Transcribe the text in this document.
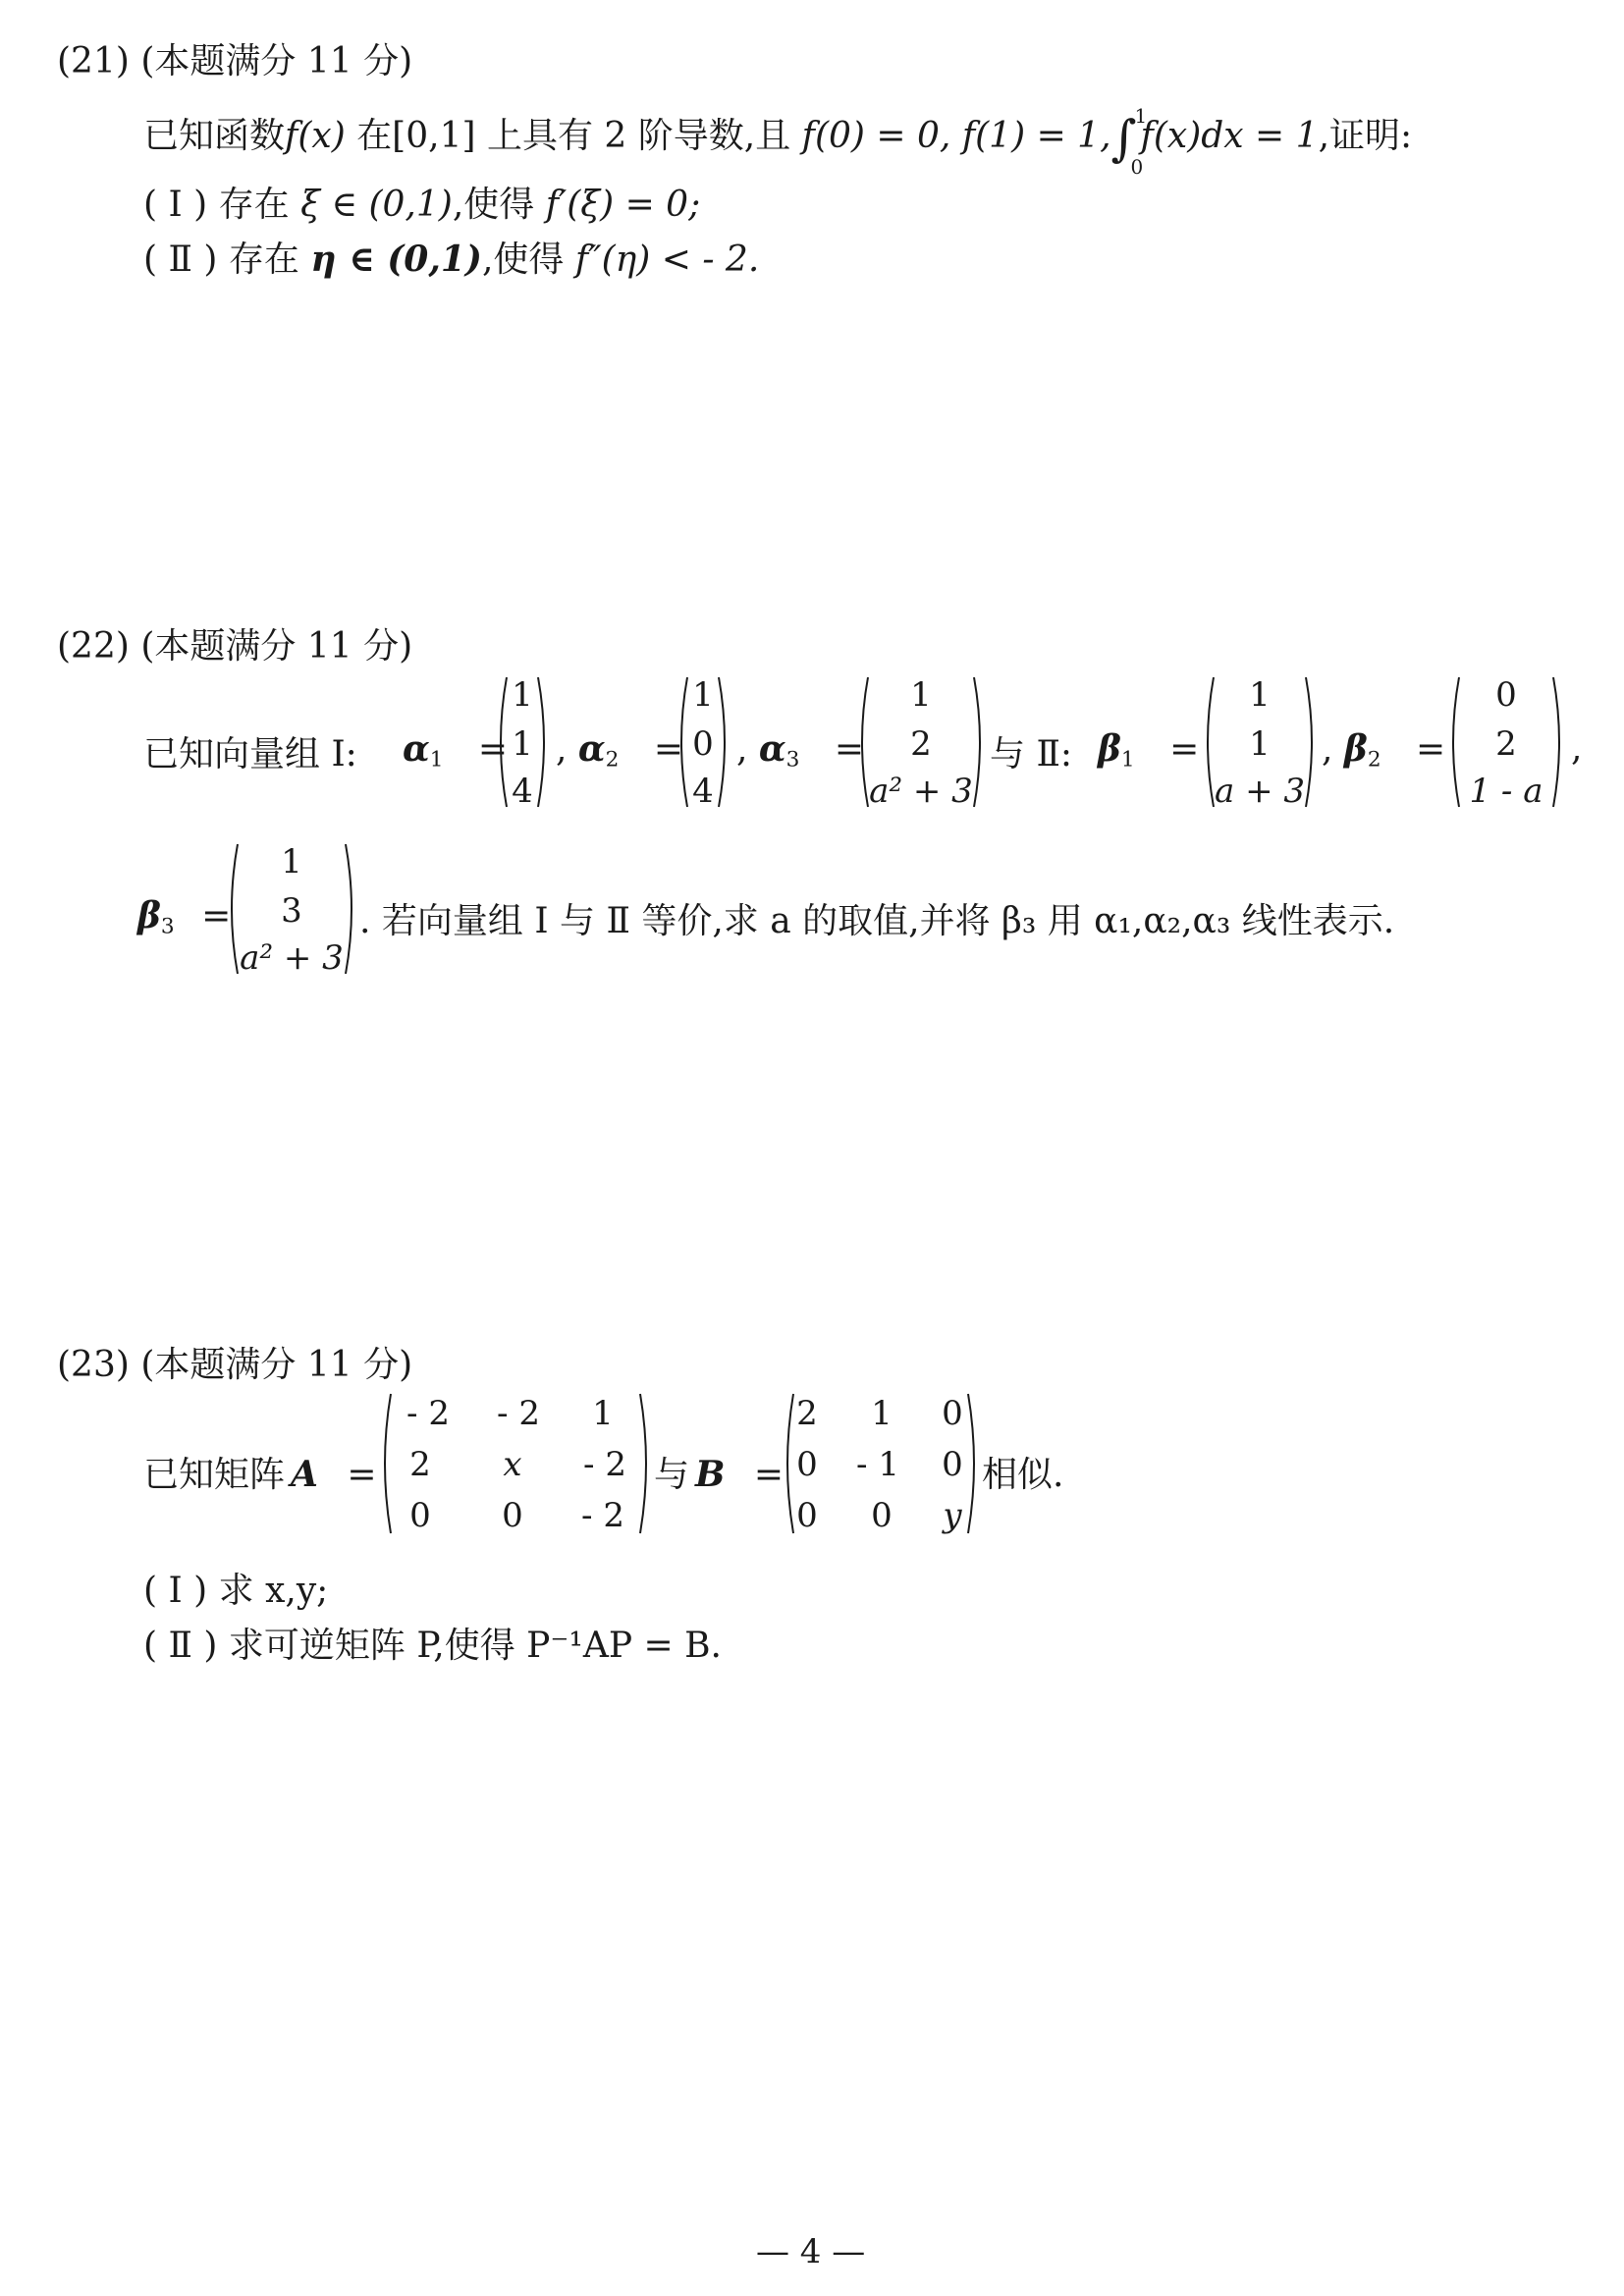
(21) (本题满分 11 分)
已知函数f(x) 在[0,1] 上具有 2 阶导数,且 f(0) = 0, f(1) = 1,∫
1
0
f(x)dx = 1,证明:
( Ⅰ ) 存在 ξ ∈ (0,1),使得 f′(ξ) = 0;
( Ⅱ ) 存在 η ∈ (0,1),使得 f″(η) < - 2.
(22) (本题满分 11 分)
已知向量组 Ⅰ: $\alpha_1$ =
1
1
4
, $\alpha_2$ =
1
0
4
, $\alpha_3$ =
1
2
a² + 3
与 Ⅱ: $\beta_1$ =
1
1
a + 3
, $\beta_2$ =
0
2
1 - a
,
$\beta_3$ =
1
3
a² + 3
. 若向量组 Ⅰ 与 Ⅱ 等价,求 a 的取值,并将 β₃ 用 α₁,α₂,α₃ 线性表示.
(23) (本题满分 11 分)
已知矩阵 A =
- 2 - 2 1
2 x - 2
0 0 - 2
与 B =
2 1 0
0 - 1 0
0 0 y
相似.
( Ⅰ ) 求 x,y;
( Ⅱ ) 求可逆矩阵 P,使得 P⁻¹AP = B.
— 4 —
